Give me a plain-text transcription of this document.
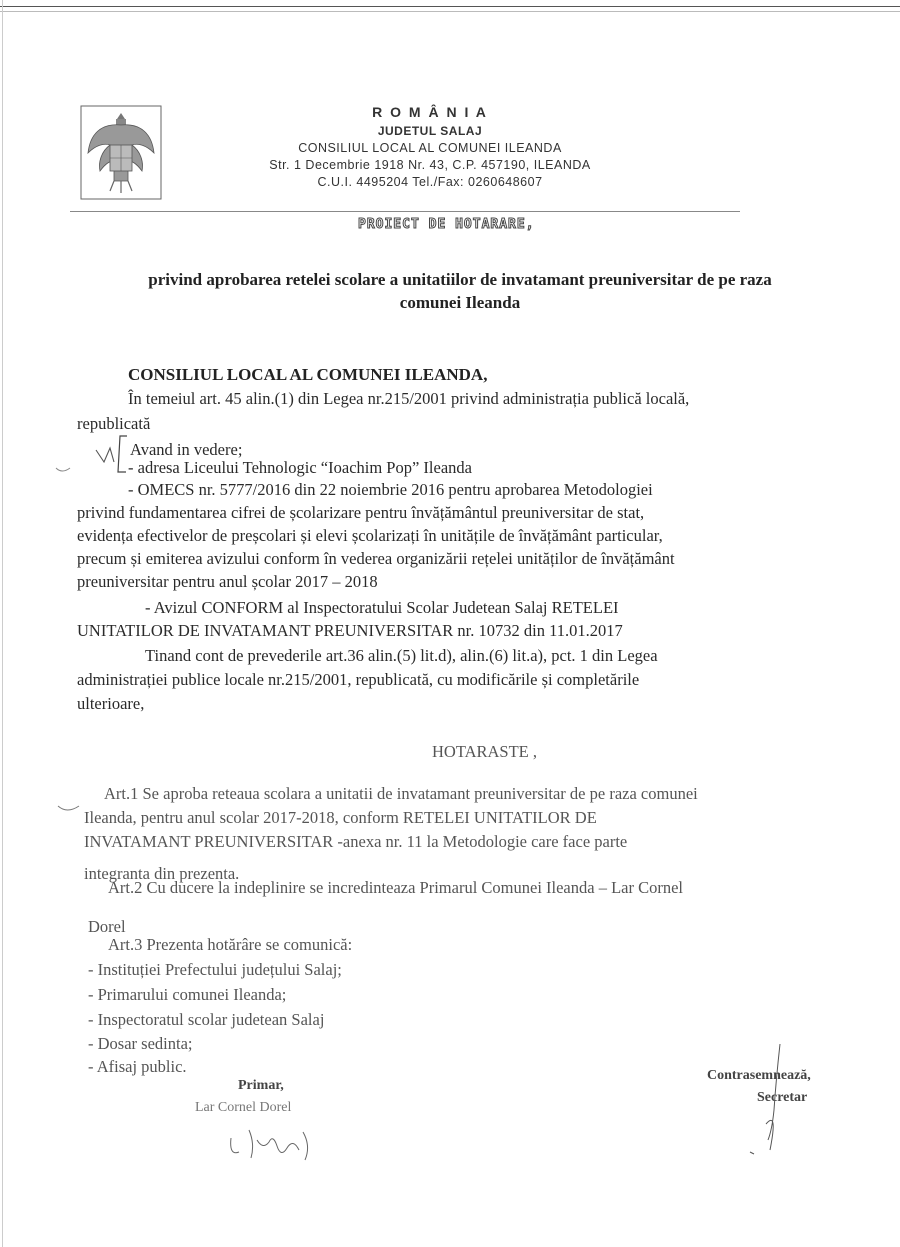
R O M Â N I A
JUDETUL SALAJ
CONSILIUL LOCAL AL COMUNEI ILEANDA
Str. 1 Decembrie 1918 Nr. 43, C.P. 457190, ILEANDA
C.U.I. 4495204 Tel./Fax: 0260648607
PROIECT DE HOTARARE,
privind aprobarea retelei scolare a unitatiilor de invatamant preuniversitar de pe raza
comunei Ileanda
CONSILIUL LOCAL AL COMUNEI ILEANDA,
În temeiul art. 45 alin.(1) din Legea nr.215/2001 privind administrația publică locală,
republicată
Avand in vedere;
- adresa Liceului Tehnologic “Ioachim Pop” Ileanda
- OMECS nr. 5777/2016 din 22 noiembrie 2016 pentru aprobarea Metodologiei
privind fundamentarea cifrei de școlarizare pentru învățământul preuniversitar de stat,
evidența efectivelor de preșcolari și elevi școlarizați în unitățile de învățământ particular,
precum și emiterea avizului conform în vederea organizării rețelei unităților de învățământ
preuniversitar pentru anul școlar 2017 – 2018
- Avizul CONFORM al Inspectoratului Scolar Judetean Salaj RETELEI
UNITATILOR DE INVATAMANT PREUNIVERSITAR nr. 10732 din 11.01.2017
Tinand cont de prevederile art.36 alin.(5) lit.d), alin.(6) lit.a), pct. 1 din Legea
administrației publice locale nr.215/2001, republicată, cu modificările și completările
ulterioare,
HOTARASTE ,
Art.1 Se aproba reteaua scolara a unitatii de invatamant preuniversitar de pe raza comunei
Ileanda, pentru anul scolar 2017-2018, conform RETELEI UNITATILOR DE
INVATAMANT PREUNIVERSITAR -anexa nr. 11 la Metodologie care face parte
integranta din prezenta.
Art.2 Cu ducere la indeplinire se incredinteaza Primarul Comunei Ileanda – Lar Cornel
Dorel
Art.3 Prezenta hotărâre se comunică:
- Instituției Prefectului județului Salaj;
- Primarului comunei Ileanda;
- Inspectoratul scolar judetean Salaj
- Dosar sedinta;
- Afisaj public.
Primar,
Lar Cornel Dorel
Contrasemnează,
Secretar
